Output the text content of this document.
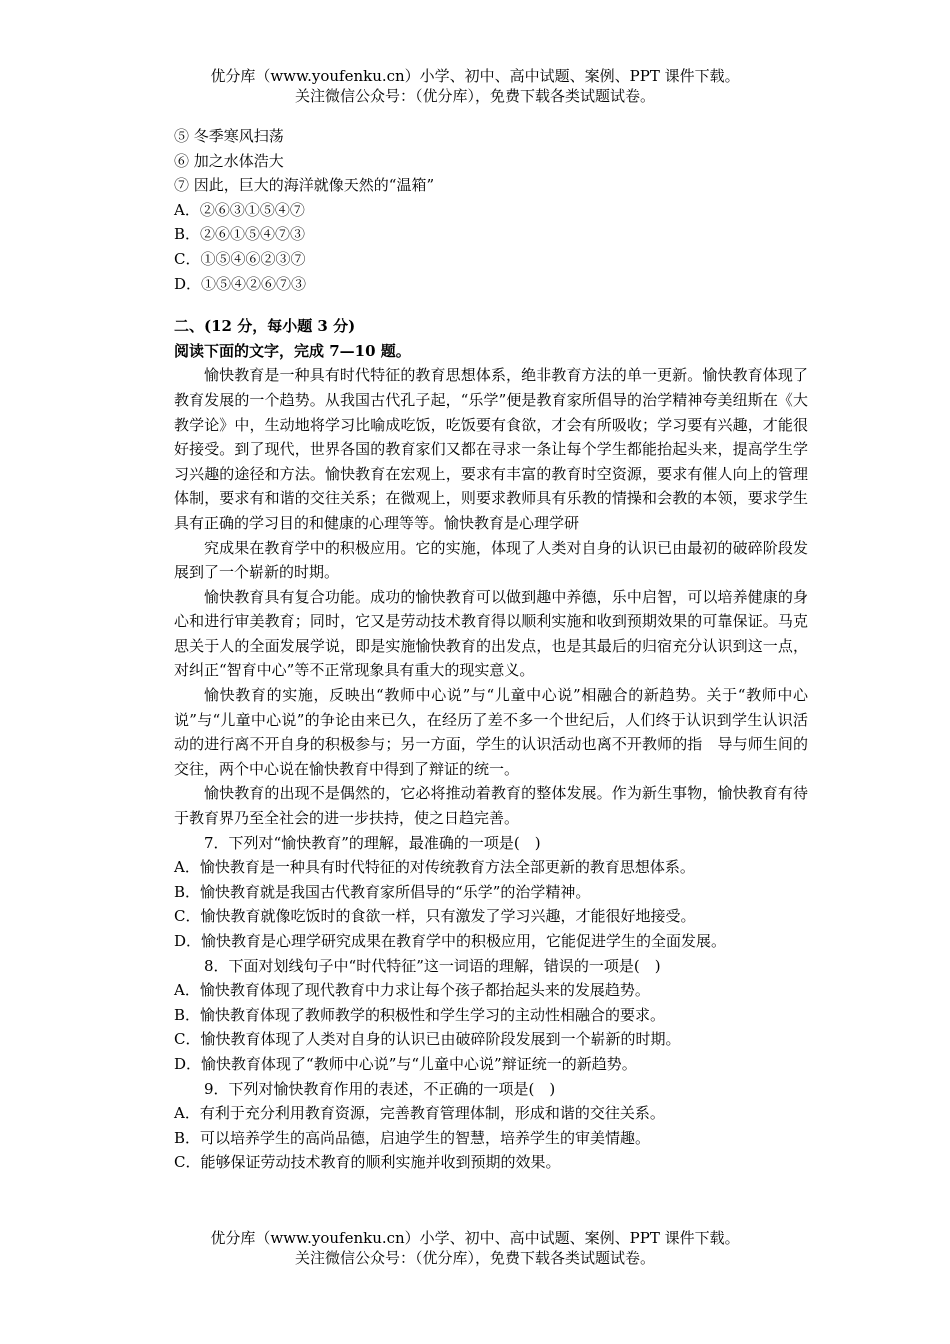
优分库（www.youfenku.cn）小学、初中、高中试题、案例、PPT 课件下载。
关注微信公众号：（优分库），免费下载各类试题试卷。
⑤ 冬季寒风扫荡
⑥ 加之水体浩大
⑦ 因此，巨大的海洋就像天然的“温箱”
A．②⑥③①⑤④⑦
B．②⑥①⑤④⑦③
C．①⑤④⑥②③⑦
D．①⑤④②⑥⑦③
二、(12 分，每小题 3 分)
阅读下面的文字，完成 7—10 题。
愉快教育是一种具有时代特征的教育思想体系，绝非教育方法的单一更新。愉快教育体现了教育发展的一个趋势。从我国古代孔子起，“乐学”便是教育家所倡导的治学精神夸美纽斯在《大教学论》中，生动地将学习比喻成吃饭，吃饭要有食欲，才会有所吸收；学习要有兴趣，才能很好接受。到了现代，世界各国的教育家们又都在寻求一条让每个学生都能抬起头来，提高学生学习兴趣的途径和方法。愉快教育在宏观上，要求有丰富的教育时空资源，要求有催人向上的管理体制，要求有和谐的交往关系；在微观上，则要求教师具有乐教的情操和会教的本领，要求学生具有正确的学习目的和健康的心理等等。愉快教育是心理学研
究成果在教育学中的积极应用。它的实施，体现了人类对自身的认识已由最初的破碎阶段发展到了一个崭新的时期。
愉快教育具有复合功能。成功的愉快教育可以做到趣中养德，乐中启智，可以培养健康的身心和进行审美教育；同时，它又是劳动技术教育得以顺利实施和收到预期效果的可靠保证。马克思关于人的全面发展学说，即是实施愉快教育的出发点，也是其最后的归宿充分认识到这一点，对纠正“智育中心”等不正常现象具有重大的现实意义。
愉快教育的实施，反映出“教师中心说”与“儿童中心说”相融合的新趋势。关于“教师中心说”与“儿童中心说”的争论由来已久，在经历了差不多一个世纪后，人们终于认识到学生认识活动的进行离不开自身的积极参与；另一方面，学生的认识活动也离不开教师的指　导与师生间的交往，两个中心说在愉快教育中得到了辩证的统一。
愉快教育的出现不是偶然的，它必将推动着教育的整体发展。作为新生事物，愉快教育有待于教育界乃至全社会的进一步扶持，使之日趋完善。
7．下列对“愉快教育”的理解，最准确的一项是(　)
A．愉快教育是一种具有时代特征的对传统教育方法全部更新的教育思想体系。
B．愉快教育就是我国古代教育家所倡导的“乐学”的治学精神。
C．愉快教育就像吃饭时的食欲一样，只有激发了学习兴趣，才能很好地接受。
D．愉快教育是心理学研究成果在教育学中的积极应用，它能促进学生的全面发展。
8．下面对划线句子中“时代特征”这一词语的理解，错误的一项是(　)
A．愉快教育体现了现代教育中力求让每个孩子都抬起头来的发展趋势。
B．愉快教育体现了教师教学的积极性和学生学习的主动性相融合的要求。
C．愉快教育体现了人类对自身的认识已由破碎阶段发展到一个崭新的时期。
D．愉快教育体现了“教师中心说”与“儿童中心说”辩证统一的新趋势。
9．下列对愉快教育作用的表述，不正确的一项是(　)
A．有利于充分利用教育资源，完善教育管理体制，形成和谐的交往关系。
B．可以培养学生的高尚品德，启迪学生的智慧，培养学生的审美情趣。
C．能够保证劳动技术教育的顺利实施并收到预期的效果。
优分库（www.youfenku.cn）小学、初中、高中试题、案例、PPT 课件下载。
关注微信公众号：（优分库），免费下载各类试题试卷。
